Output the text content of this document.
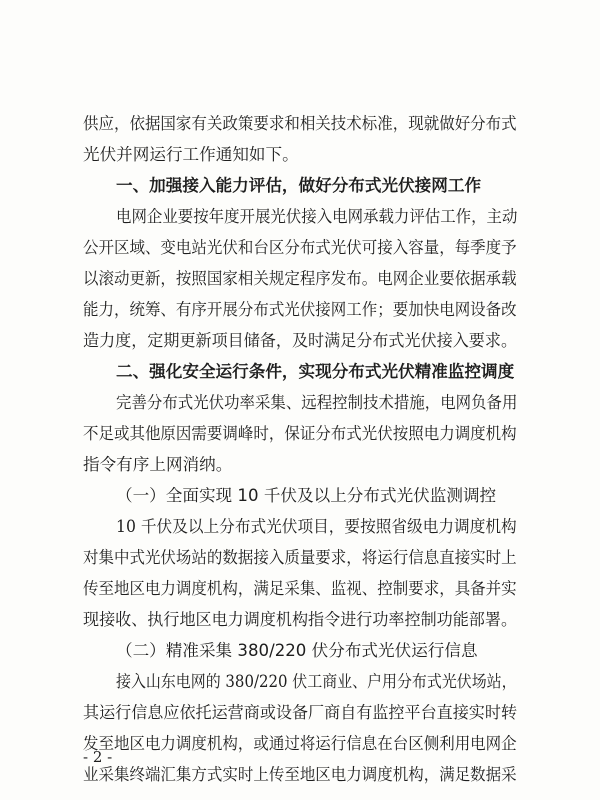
供应，依据国家有关政策要求和相关技术标准，现就做好分布式
光伏并网运行工作通知如下。
一、加强接入能力评估，做好分布式光伏接网工作
电网企业要按年度开展光伏接入电网承载力评估工作，主动
公开区域、变电站光伏和台区分布式光伏可接入容量，每季度予
以滚动更新，按照国家相关规定程序发布。电网企业要依据承载
能力，统筹、有序开展分布式光伏接网工作；要加快电网设备改
造力度，定期更新项目储备，及时满足分布式光伏接入要求。
二、强化安全运行条件，实现分布式光伏精准监控调度
完善分布式光伏功率采集、远程控制技术措施，电网负备用
不足或其他原因需要调峰时，保证分布式光伏按照电力调度机构
指令有序上网消纳。
（一）全面实现 10 千伏及以上分布式光伏监测调控
10 千伏及以上分布式光伏项目，要按照省级电力调度机构
对集中式光伏场站的数据接入质量要求，将运行信息直接实时上
传至地区电力调度机构，满足采集、监视、控制要求，具备并实
现接收、执行地区电力调度机构指令进行功率控制功能部署。
（二）精准采集 380/220 伏分布式光伏运行信息
接入山东电网的 380/220 伏工商业、户用分布式光伏场站，
其运行信息应依托运营商或设备厂商自有监控平台直接实时转
发至地区电力调度机构，或通过将运行信息在台区侧利用电网企
业采集终端汇集方式实时上传至地区电力调度机构，满足数据采
- 2 -
